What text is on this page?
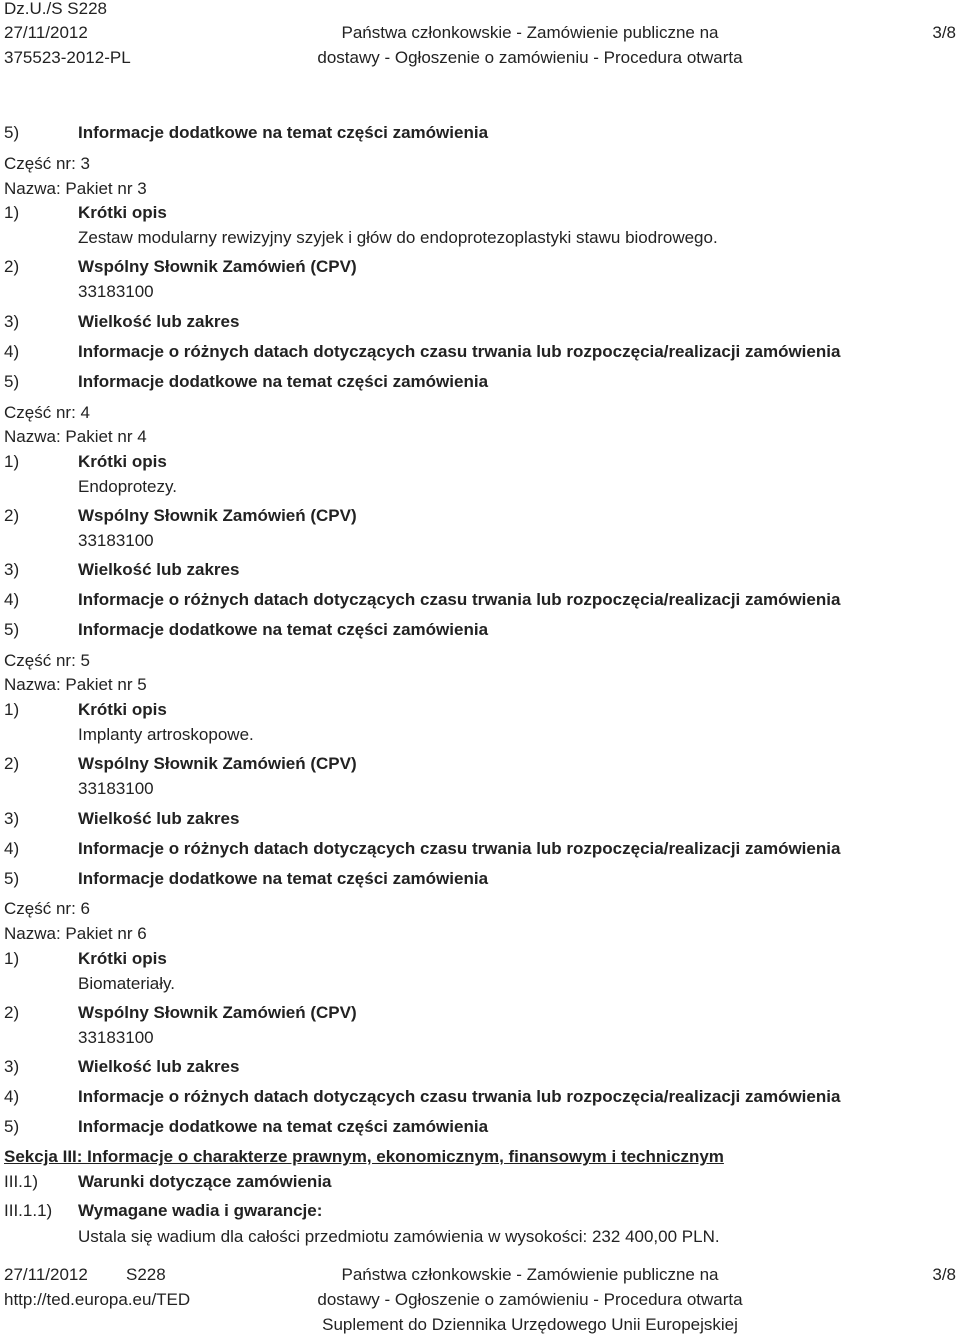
Dz.U./S S228
27/11/2012
375523-2012-PL
Państwa członkowskie - Zamówienie publiczne na
dostawy - Ogłoszenie o zamówieniu - Procedura otwarta
3/8
5)	Informacje dodatkowe na temat części zamówienia
Część nr: 3
Nazwa: Pakiet nr 3
1)	Krótki opis
Zestaw modularny rewizyjny szyjek i głów do endoprotezoplastyki stawu biodrowego.
2)	Wspólny Słownik Zamówień (CPV)
33183100
3)	Wielkość lub zakres
4)	Informacje o różnych datach dotyczących czasu trwania lub rozpoczęcia/realizacji zamówienia
5)	Informacje dodatkowe na temat części zamówienia
Część nr: 4
Nazwa: Pakiet nr 4
1)	Krótki opis
Endoprotezy.
2)	Wspólny Słownik Zamówień (CPV)
33183100
3)	Wielkość lub zakres
4)	Informacje o różnych datach dotyczących czasu trwania lub rozpoczęcia/realizacji zamówienia
5)	Informacje dodatkowe na temat części zamówienia
Część nr: 5
Nazwa: Pakiet nr 5
1)	Krótki opis
Implanty artroskopowe.
2)	Wspólny Słownik Zamówień (CPV)
33183100
3)	Wielkość lub zakres
4)	Informacje o różnych datach dotyczących czasu trwania lub rozpoczęcia/realizacji zamówienia
5)	Informacje dodatkowe na temat części zamówienia
Część nr: 6
Nazwa: Pakiet nr 6
1)	Krótki opis
Biomateriały.
2)	Wspólny Słownik Zamówień (CPV)
33183100
3)	Wielkość lub zakres
4)	Informacje o różnych datach dotyczących czasu trwania lub rozpoczęcia/realizacji zamówienia
5)	Informacje dodatkowe na temat części zamówienia
Sekcja III: Informacje o charakterze prawnym, ekonomicznym, finansowym i technicznym
III.1) Warunki dotyczące zamówienia
III.1.1) Wymagane wadia i gwarancje:
Ustala się wadium dla całości przedmiotu zamówienia w wysokości: 232 400,00 PLN.
27/11/2012 S228
http://ted.europa.eu/TED
Państwa członkowskie - Zamówienie publiczne na
dostawy - Ogłoszenie o zamówieniu - Procedura otwarta
Suplement do Dziennika Urzędowego Unii Europejskiej
3/8
